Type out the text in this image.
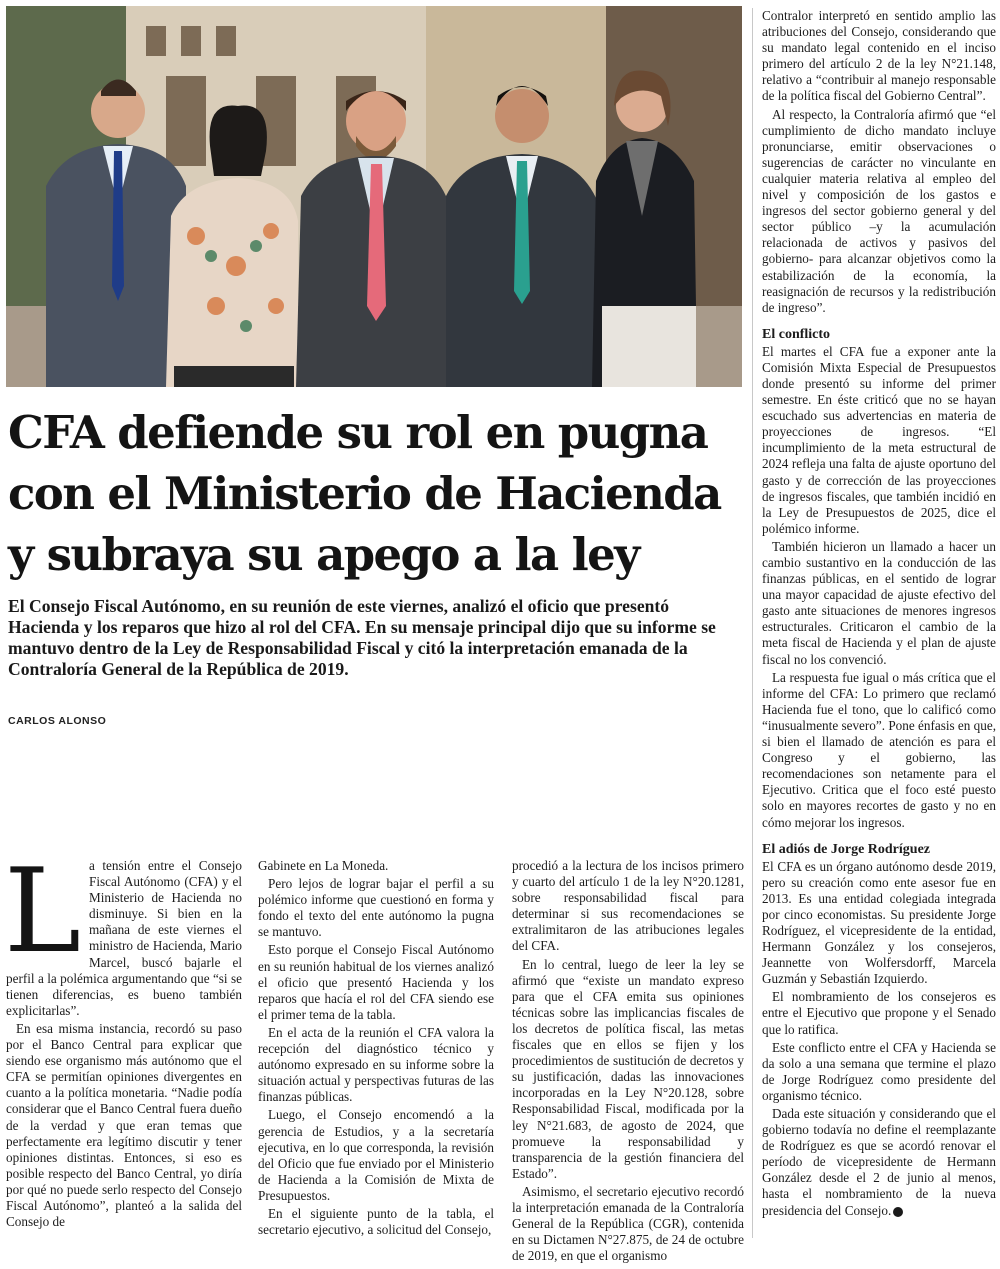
CFA defiende su rol en pugna
con el Ministerio de Hacienda
y subraya su apego a la ley

El Consejo Fiscal Autónomo, en su reunión de este viernes, analizó el oficio que presentó Hacienda y los reparos que hizo al rol del CFA. En su mensaje principal dijo que su informe se mantuvo dentro de la Ley de Responsabilidad Fiscal y citó la interpretación emanada de la Contraloría General de la República de 2019.

CARLOS ALONSO
L a tensión entre el Consejo Fiscal Autónomo (CFA) y el Ministerio de Hacienda no disminuye. Si bien en la mañana de este viernes el ministro de Hacienda, Mario Marcel, buscó bajarle el perfil a la polémica argumentando que “si se tienen diferencias, es bueno también explicitarlas”.

En esa misma instancia, recordó su paso por el Banco Central para explicar que siendo ese organismo más autónomo que el CFA se permitían opiniones divergentes en cuanto a la política monetaria. “Nadie podía considerar que el Banco Central fuera dueño de la verdad y que eran temas que perfectamente era legítimo discutir y tener opiniones distintas. Entonces, si eso es posible respecto del Banco Central, yo diría por qué no puede serlo respecto del Consejo Fiscal Autónomo”, planteó a la salida del Consejo de

Gabinete en La Moneda.

Pero lejos de lograr bajar el perfil a su polémico informe que cuestionó en forma y fondo el texto del ente autónomo la pugna se mantuvo.

Esto porque el Consejo Fiscal Autónomo en su reunión habitual de los viernes analizó el oficio que presentó Hacienda y los reparos que hacía el rol del CFA siendo ese el primer tema de la tabla.

En el acta de la reunión el CFA valora la recepción del diagnóstico técnico y autónomo expresado en su informe sobre la situación actual y perspectivas futuras de las finanzas públicas.

Luego, el Consejo encomendó a la gerencia de Estudios, y a la secretaría ejecutiva, en lo que corresponda, la revisión del Oficio que fue enviado por el Ministerio de Hacienda a la Comisión de Mixta de Presupuestos.

En el siguiente punto de la tabla, el secretario ejecutivo, a solicitud del Consejo,

procedió a la lectura de los incisos primero y cuarto del artículo 1 de la ley N°20.1281, sobre responsabilidad fiscal para determinar si sus recomendaciones se extralimitaron de las atribuciones legales del CFA.

En lo central, luego de leer la ley se afirmó que “existe un mandato expreso para que el CFA emita sus opiniones técnicas sobre las implicancias fiscales de los decretos de política fiscal, las metas fiscales que en ellos se fijen y los procedimientos de sustitución de decretos y su justificación, dadas las innovaciones incorporadas en la Ley N°20.128, sobre Responsabilidad Fiscal, modificada por la ley N°21.683, de agosto de 2024, que promueve la responsabilidad y transparencia de la gestión financiera del Estado”.

Asimismo, el secretario ejecutivo recordó la interpretación emanada de la Contraloría General de la República (CGR), contenida en su Dictamen N°27.875, de 24 de octubre de 2019, en que el organismo

Contralor interpretó en sentido amplio las atribuciones del Consejo, considerando que su mandato legal contenido en el inciso primero del artículo 2 de la ley N°21.148, relativo a “contribuir al manejo responsable de la política fiscal del Gobierno Central”.

Al respecto, la Contraloría afirmó que “el cumplimiento de dicho mandato incluye pronunciarse, emitir observaciones o sugerencias de carácter no vinculante en cualquier materia relativa al empleo del nivel y composición de los gastos e ingresos del sector gobierno general y del sector público –y la acumulación relacionada de activos y pasivos del gobierno- para alcanzar objetivos como la estabilización de la economía, la reasignación de recursos y la redistribución de ingreso”.

El conflicto

El martes el CFA fue a exponer ante la Comisión Mixta Especial de Presupuestos donde presentó su informe del primer semestre. En éste criticó que no se hayan escuchado sus advertencias en materia de proyecciones de ingresos. “El incumplimiento de la meta estructural de 2024 refleja una falta de ajuste oportuno del gasto y de corrección de las proyecciones de ingresos fiscales, que también incidió en la Ley de Presupuestos de 2025, dice el polémico informe.

También hicieron un llamado a hacer un cambio sustantivo en la conducción de las finanzas públicas, en el sentido de lograr una mayor capacidad de ajuste efectivo del gasto ante situaciones de menores ingresos estructurales. Criticaron el cambio de la meta fiscal de Hacienda y el plan de ajuste fiscal no los convenció.

La respuesta fue igual o más crítica que el informe del CFA: Lo primero que reclamó Hacienda fue el tono, que lo calificó como “inusualmente severo”. Pone énfasis en que, si bien el llamado de atención es para el Congreso y el gobierno, las recomendaciones son netamente para el Ejecutivo. Critica que el foco esté puesto solo en mayores recortes de gasto y no en cómo mejorar los ingresos.

El adiós de Jorge Rodríguez

El CFA es un órgano autónomo desde 2019, pero su creación como ente asesor fue en 2013. Es una entidad colegiada integrada por cinco economistas. Su presidente Jorge Rodríguez, el vicepresidente de la entidad, Hermann González y los consejeros, Jeannette von Wolfersdorff, Marcela Guzmán y Sebastián Izquierdo.

El nombramiento de los consejeros es entre el Ejecutivo que propone y el Senado que lo ratifica.

Este conflicto entre el CFA y Hacienda se da solo a una semana que termine el plazo de Jorge Rodríguez como presidente del organismo técnico.

Dada este situación y considerando que el gobierno todavía no define el reemplazante de Rodríguez es que se acordó renovar el período de vicepresidente de Hermann González desde el 2 de junio al menos, hasta el nombramiento de la nueva presidencia del Consejo. P
